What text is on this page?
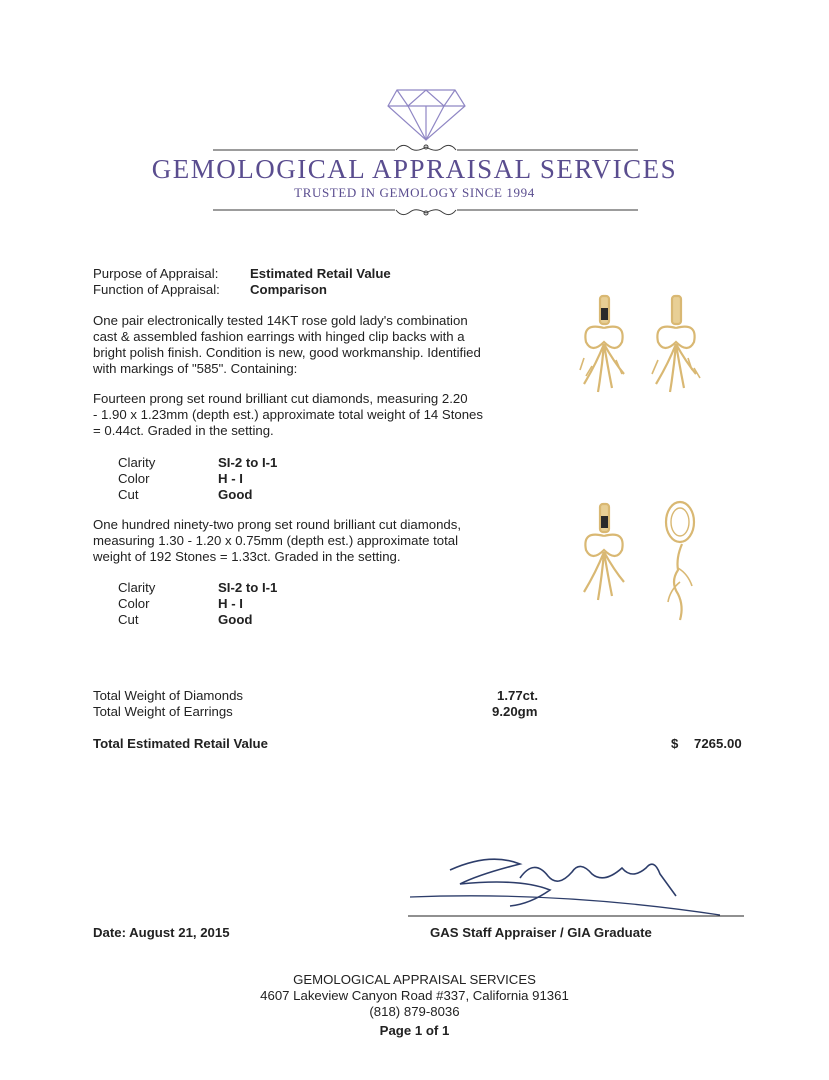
GEMOLOGICAL APPRAISAL SERVICES
TRUSTED IN GEMOLOGY SINCE 1994
Purpose of Appraisal: Estimated Retail Value
Function of Appraisal: Comparison
One pair electronically tested 14KT rose gold lady's combination
cast & assembled fashion earrings with hinged clip backs with a
bright polish finish. Condition is new, good workmanship. Identified
with markings of "585". Containing:
Fourteen prong set round brilliant cut diamonds, measuring 2.20
- 1.90 x 1.23mm (depth est.) approximate total weight of 14 Stones
= 0.44ct. Graded in the setting.
Clarity	SI-2 to I-1
Color	H - I
Cut	Good
One hundred ninety-two prong set round brilliant cut diamonds,
measuring 1.30 - 1.20 x 0.75mm (depth est.) approximate total
weight of 192 Stones = 1.33ct. Graded in the setting.
Clarity	SI-2 to I-1
Color	H - I
Cut	Good
Total Weight of Diamonds	1.77ct.
Total Weight of Earrings	9.20gm
Total Estimated Retail Value	$ 7265.00
Date: August 21, 2015	GAS Staff Appraiser / GIA Graduate
GEMOLOGICAL APPRAISAL SERVICES
4607 Lakeview Canyon Road #337, California 91361
(818) 879-8036
Page 1 of 1
